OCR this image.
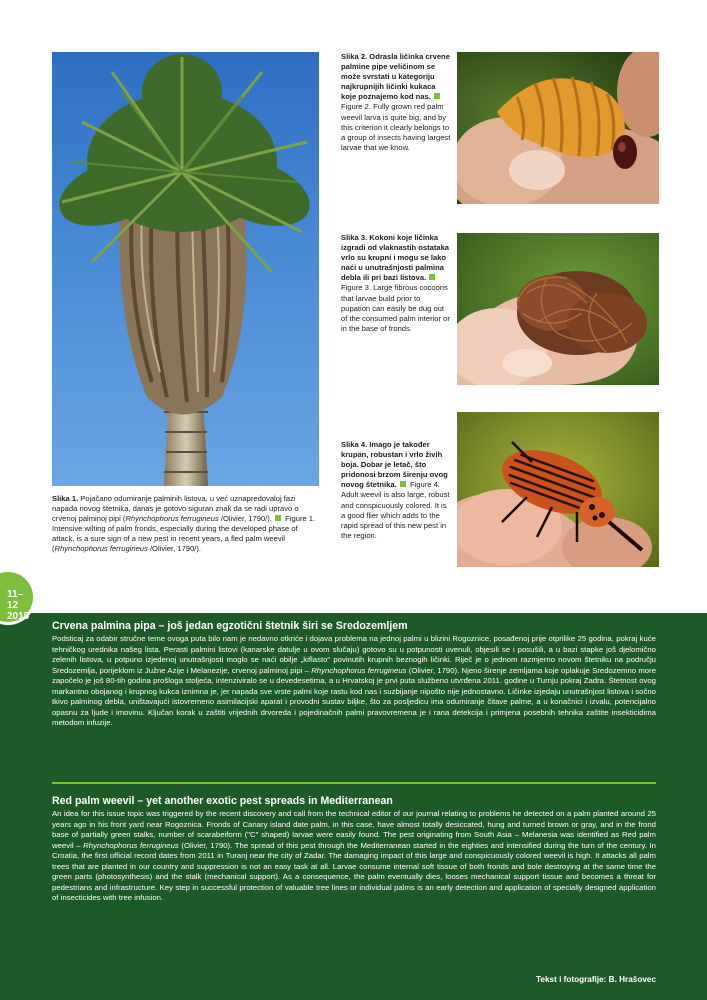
Slika 1. Pojačano odumiranje palminih listova, u već uznapredovaloj fazi napada novog štetnika, danas je gotovo siguran znak da se radi upravo o crvenoj palminoj pipi (Rhynchophorus ferrugineus /Olivier, 1790/).  Figure 1. Intensive wilting of palm fronds, especially during the developed phase of attack, is a sure sign of a new pest in recent years, a fled palm weevil (Rhynchophorus ferrugineus /Olivier, 1790/).

Slika 2. Odrasla ličinka crvene palmine pipe veličinom se može svrstati u kategoriju najkrupnijih ličinki kukaca koje poznajemo kod nas.  Figure 2. Fully grown red palm weevil larva is quite big, and by this criterion it clearly belongs to a group of insects having largest larvae that we know.

Slika 3. Kokoni koje ličinka izgradi od vlaknastih ostataka vrlo su krupni i mogu se lako naći u unutrašnjosti palmina debla ili pri bazi listova.  Figure 3. Large fibrous cocoons that larvae build prior to pupation can easily be dug out of the consumed palm interior or in the base of fronds.

Slika 4. Imago je također krupan, robustan i vrlo živih boja. Dobar je letač, što pridonosi brzom širenju ovog novog štetnika.  Figure 4. Adult weevil is also large, robust and conspicuously colored. It is a good flier which adds to the rapid spread of this new pest in the region.

11–12
2015
Crvena palmina pipa – još jedan egzotični štetnik širi se Sredozemljem

Podsticaj za odabir stručne teme ovoga puta bilo nam je nedavno otkriće i dojava problema na jednoj palmi u blizini Rogoznice, posađenoj prije otprilike 25 godina, pokraj kuće tehničkog urednika našeg lista. Perasti palmini listovi (kanarske datulje u ovom slučaju) gotovo su u potpunosti uvenuli, objesili se i posušili, a u bazi stapke još djelomično zelenih listova, u potpuno izjedenoj unutrašnjosti moglo se naći obilje „kiflasto" povinutih krupnih beznogih ličinki. Riječ je o jednom razmjerno novom štetniku na području Sredozemlja, porijeklom iz Južne Azije i Melanezije, crvenoj palminoj pipi – Rhynchophorus ferrugineus (Olivier, 1790). Njeno širenje zemljama koje oplakuje Sredozemno more započelo je još 80-tih godina prošloga stoljeća, intenziviralo se u devedesetima, a u Hrvatskoj je prvi puta službeno utvrđena 2011. godine u Turnju pokraj Zadra. Štetnost ovog markantno obojanog i krupnog kukca iznimna je, jer napada sve vrste palmi koje rastu kod nas i suzbijanje nipošto nije jednostavno. Ličinke izjedaju unutrašnjost listova i sočno tkivo palminog debla, uništavajući istovremeno asimilacijski aparat i provodni sustav biljke, što za posljedicu ima odumiranje čitave palme, a u konačnici i izvalu, potencijalno opasnu za ljude i imovinu. Ključan korak u zaštiti vrijednih drvoreda i pojedinačnih palmi pravovremena je i rana detekcija i primjena posebnih tehnika zaštite insekticidima metodom infuzije.

Red palm weevil – yet another exotic pest spreads in Mediterranean

An idea for this issue topic was triggered by the recent discovery and call from the technical editor of our journal relating to problems he detected on a palm planted around 25 years ago in his front yard near Rogoznica. Fronds of Canary island date palm, in this case, have almost totally desiccated, hung and turned brown or gray, and in the frond base of partially green stalks, number of scarabeiform ("C" shaped) larvae were easily found. The pest originating from South Asia – Melanesia was identified as Red palm weevil – Rhynchophorus ferrugineus (Olivier, 1790). The spread of this pest through the Mediterranean started in the eighties and intensified during the turn of the century. In Croatia, the first official record dates from 2011 in Turanj near the city of Zadar. The damaging impact of this large and conspicuously colored weevil is high. It attacks all palm trees that are planted in our country and suppression is not an easy task at all. Larvae consume internal soft tissue of both fronds and bole destroying at the same time the green parts (photosynthesis) and the stalk (mechanical support). As a consequence, the palm eventually dies, looses mechanical support tissue and becomes a threat for pedestrians and infrastructure. Key step in successful protection of valuable tree lines or individual palms is an early detection and application of specially designed application of insecticides with tree infusion.

Tekst i fotografije: B. Hrašovec
